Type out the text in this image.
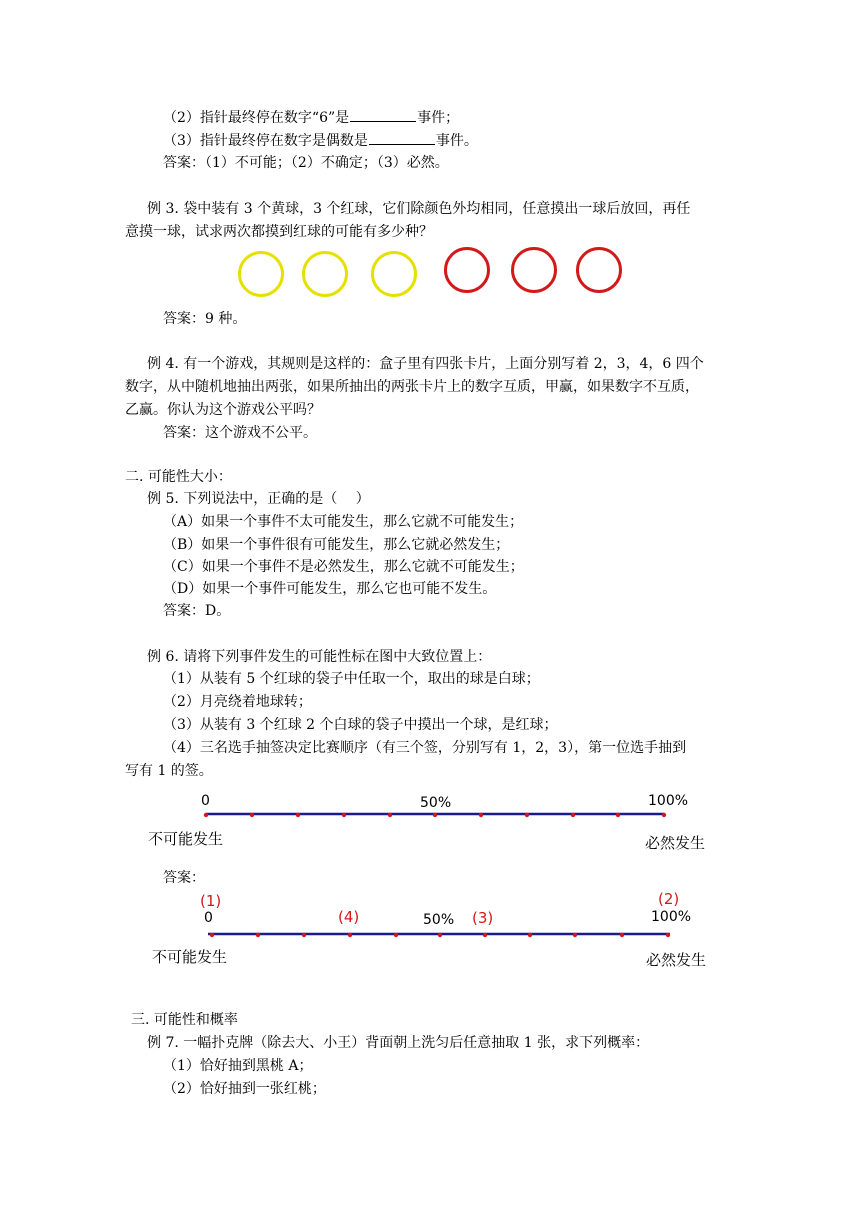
（2）指针最终停在数字“6”是	事件；
（3）指针最终停在数字是偶数是	事件。
答案：（1）不可能；（2）不确定；（3）必然。
例 3. 袋中装有 3 个黄球，3 个红球，它们除颜色外均相同，任意摸出一球后放回，再任
意摸一球，试求两次都摸到红球的可能有多少种？
答案：9 种。
例 4. 有一个游戏，其规则是这样的：盒子里有四张卡片，上面分别写着 2，3，4，6 四个
数字，从中随机地抽出两张，如果所抽出的两张卡片上的数字互质，甲赢，如果数字不互质，
乙赢。你认为这个游戏公平吗？
答案：这个游戏不公平。
二. 可能性大小：
例 5. 下列说法中，正确的是（　 ）
（A）如果一个事件不太可能发生，那么它就不可能发生；
（B）如果一个事件很有可能发生，那么它就必然发生；
（C）如果一个事件不是必然发生，那么它就不可能发生；
（D）如果一个事件可能发生，那么它也可能不发生。
答案：D。
例 6. 请将下列事件发生的可能性标在图中大致位置上：
（1）从装有 5 个红球的袋子中任取一个，取出的球是白球；
（2）月亮绕着地球转；
（3）从装有 3 个红球 2 个白球的袋子中摸出一个球，是红球；
（4）三名选手抽签决定比赛顺序（有三个签，分别写有 1，2，3），第一位选手抽到
写有 1 的签。
0	50%	100%
不可能发生	必然发生
答案：
(1)	(2)
(4)	(3)
0	50%	100%
不可能发生	必然发生
三. 可能性和概率
例 7. 一幅扑克牌（除去大、小王）背面朝上洗匀后任意抽取 1 张，求下列概率：
（1）恰好抽到黑桃 A；
（2）恰好抽到一张红桃；
